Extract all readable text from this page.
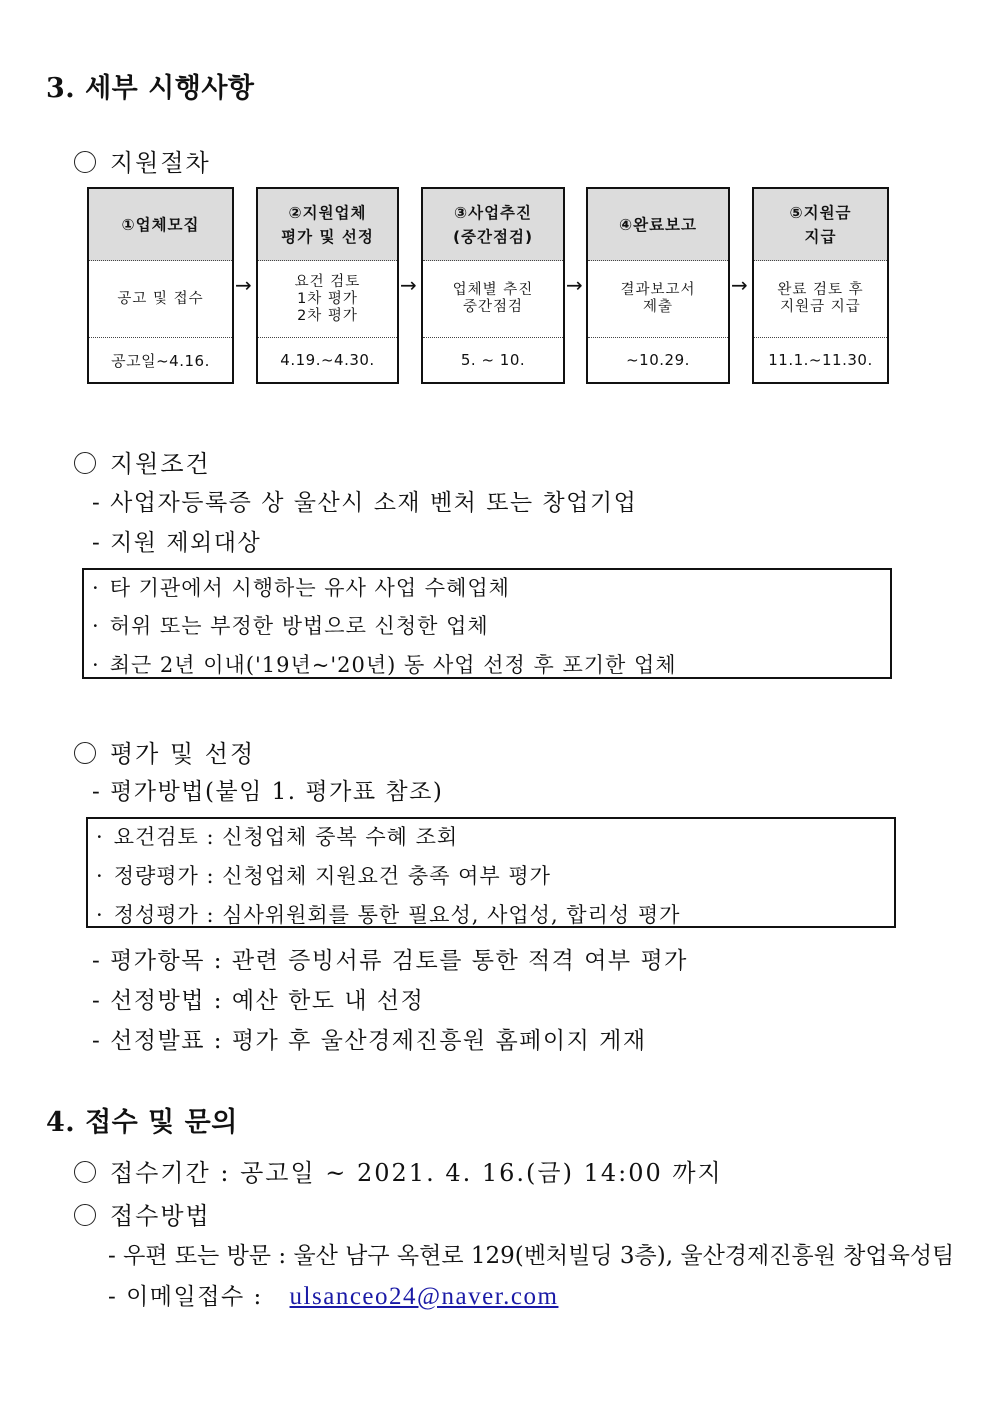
3. 세부 시행사항
지원절차
①업체모집
공고 및 접수
공고일~4.16.
→
②지원업체
평가 및 선정
요건 검토
1차 평가
2차 평가
4.19.~4.30.
→
③사업추진
(중간점검)
업체별 추진
중간점검
5. ~ 10.
→
④완료보고
결과보고서
제출
~10.29.
→
⑤지원금
지급
완료 검토 후
지원금 지급
11.1.~11.30.
지원조건
- 사업자등록증 상 울산시 소재 벤처 또는 창업기업
- 지원 제외대상
· 타 기관에서 시행하는 유사 사업 수혜업체
· 허위 또는 부정한 방법으로 신청한 업체
· 최근 2년 이내('19년~'20년) 동 사업 선정 후 포기한 업체
평가 및 선정
- 평가방법(붙임 1. 평가표 참조)
· 요건검토 : 신청업체 중복 수혜 조회
· 정량평가 : 신청업체 지원요건 충족 여부 평가
· 정성평가 : 심사위원회를 통한 필요성, 사업성, 합리성 평가
- 평가항목 : 관련 증빙서류 검토를 통한 적격 여부 평가
- 선정방법 : 예산 한도 내 선정
- 선정발표 : 평가 후 울산경제진흥원 홈페이지 게재
4. 접수 및 문의
접수기간 : 공고일 ~ 2021. 4. 16.(금) 14:00 까지
접수방법
- 우편 또는 방문 : 울산 남구 옥현로 129(벤처빌딩 3층), 울산경제진흥원 창업육성팀
- 이메일접수 : ulsanceo24@naver.com
